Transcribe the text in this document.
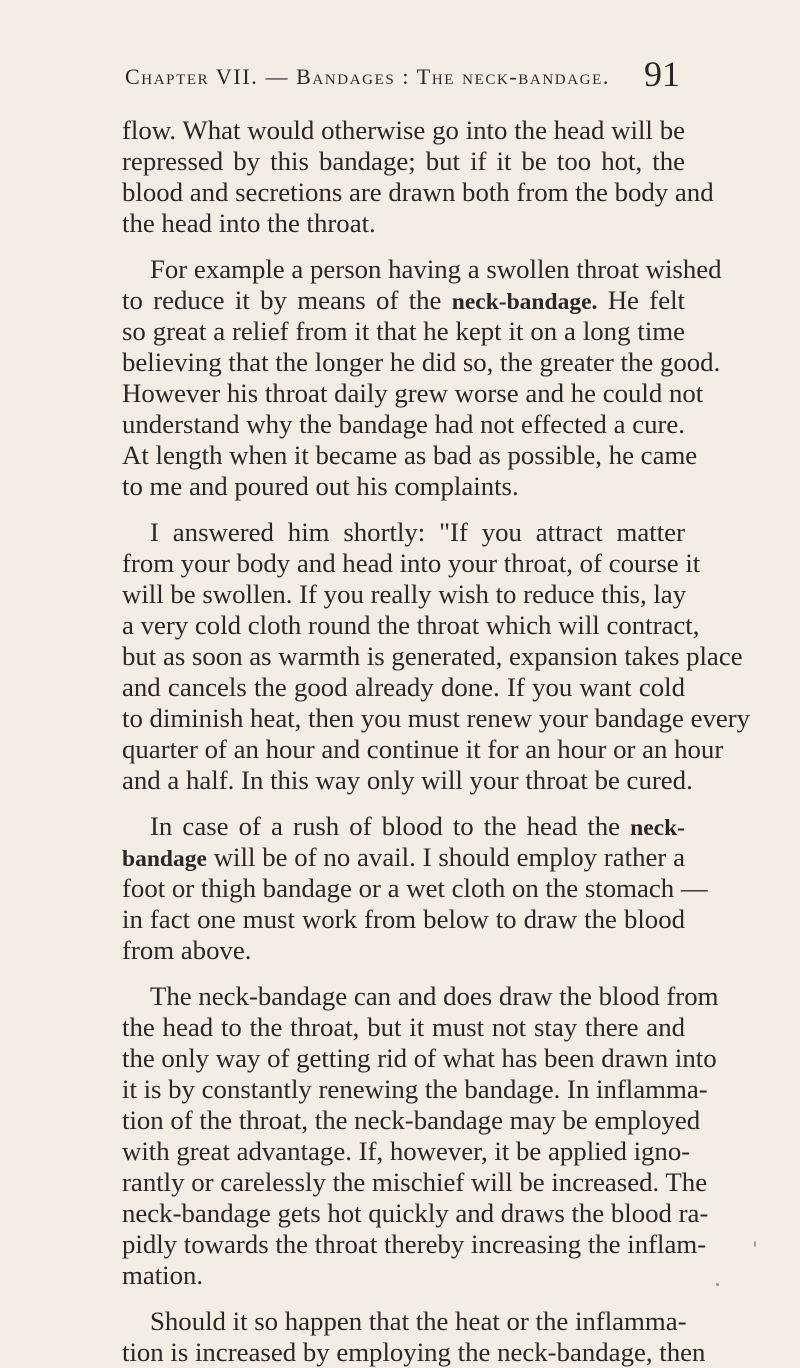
Chapter VII. — Bandages : The neck-bandage. 91
flow. What would otherwise go into the head will be
repressed by this bandage; but if it be too hot, the
blood and secretions are drawn both from the body and
the head into the throat.
For example a person having a swollen throat wished
to reduce it by means of the neck-bandage. He felt
so great a relief from it that he kept it on a long time
believing that the longer he did so, the greater the good.
However his throat daily grew worse and he could not
understand why the bandage had not effected a cure.
At length when it became as bad as possible, he came
to me and poured out his complaints.
I answered him shortly: "If you attract matter
from your body and head into your throat, of course it
will be swollen. If you really wish to reduce this, lay
a very cold cloth round the throat which will contract,
but as soon as warmth is generated, expansion takes place
and cancels the good already done. If you want cold
to diminish heat, then you must renew your bandage every
quarter of an hour and continue it for an hour or an hour
and a half. In this way only will your throat be cured.
In case of a rush of blood to the head the neck-
bandage will be of no avail. I should employ rather a
foot or thigh bandage or a wet cloth on the stomach —
in fact one must work from below to draw the blood
from above.
The neck-bandage can and does draw the blood from
the head to the throat, but it must not stay there and
the only way of getting rid of what has been drawn into
it is by constantly renewing the bandage. In inflamma-
tion of the throat, the neck-bandage may be employed
with great advantage. If, however, it be applied igno-
rantly or carelessly the mischief will be increased. The
neck-bandage gets hot quickly and draws the blood ra-
pidly towards the throat thereby increasing the inflam-
mation.
Should it so happen that the heat or the inflamma-
tion is increased by employing the neck-bandage, then
